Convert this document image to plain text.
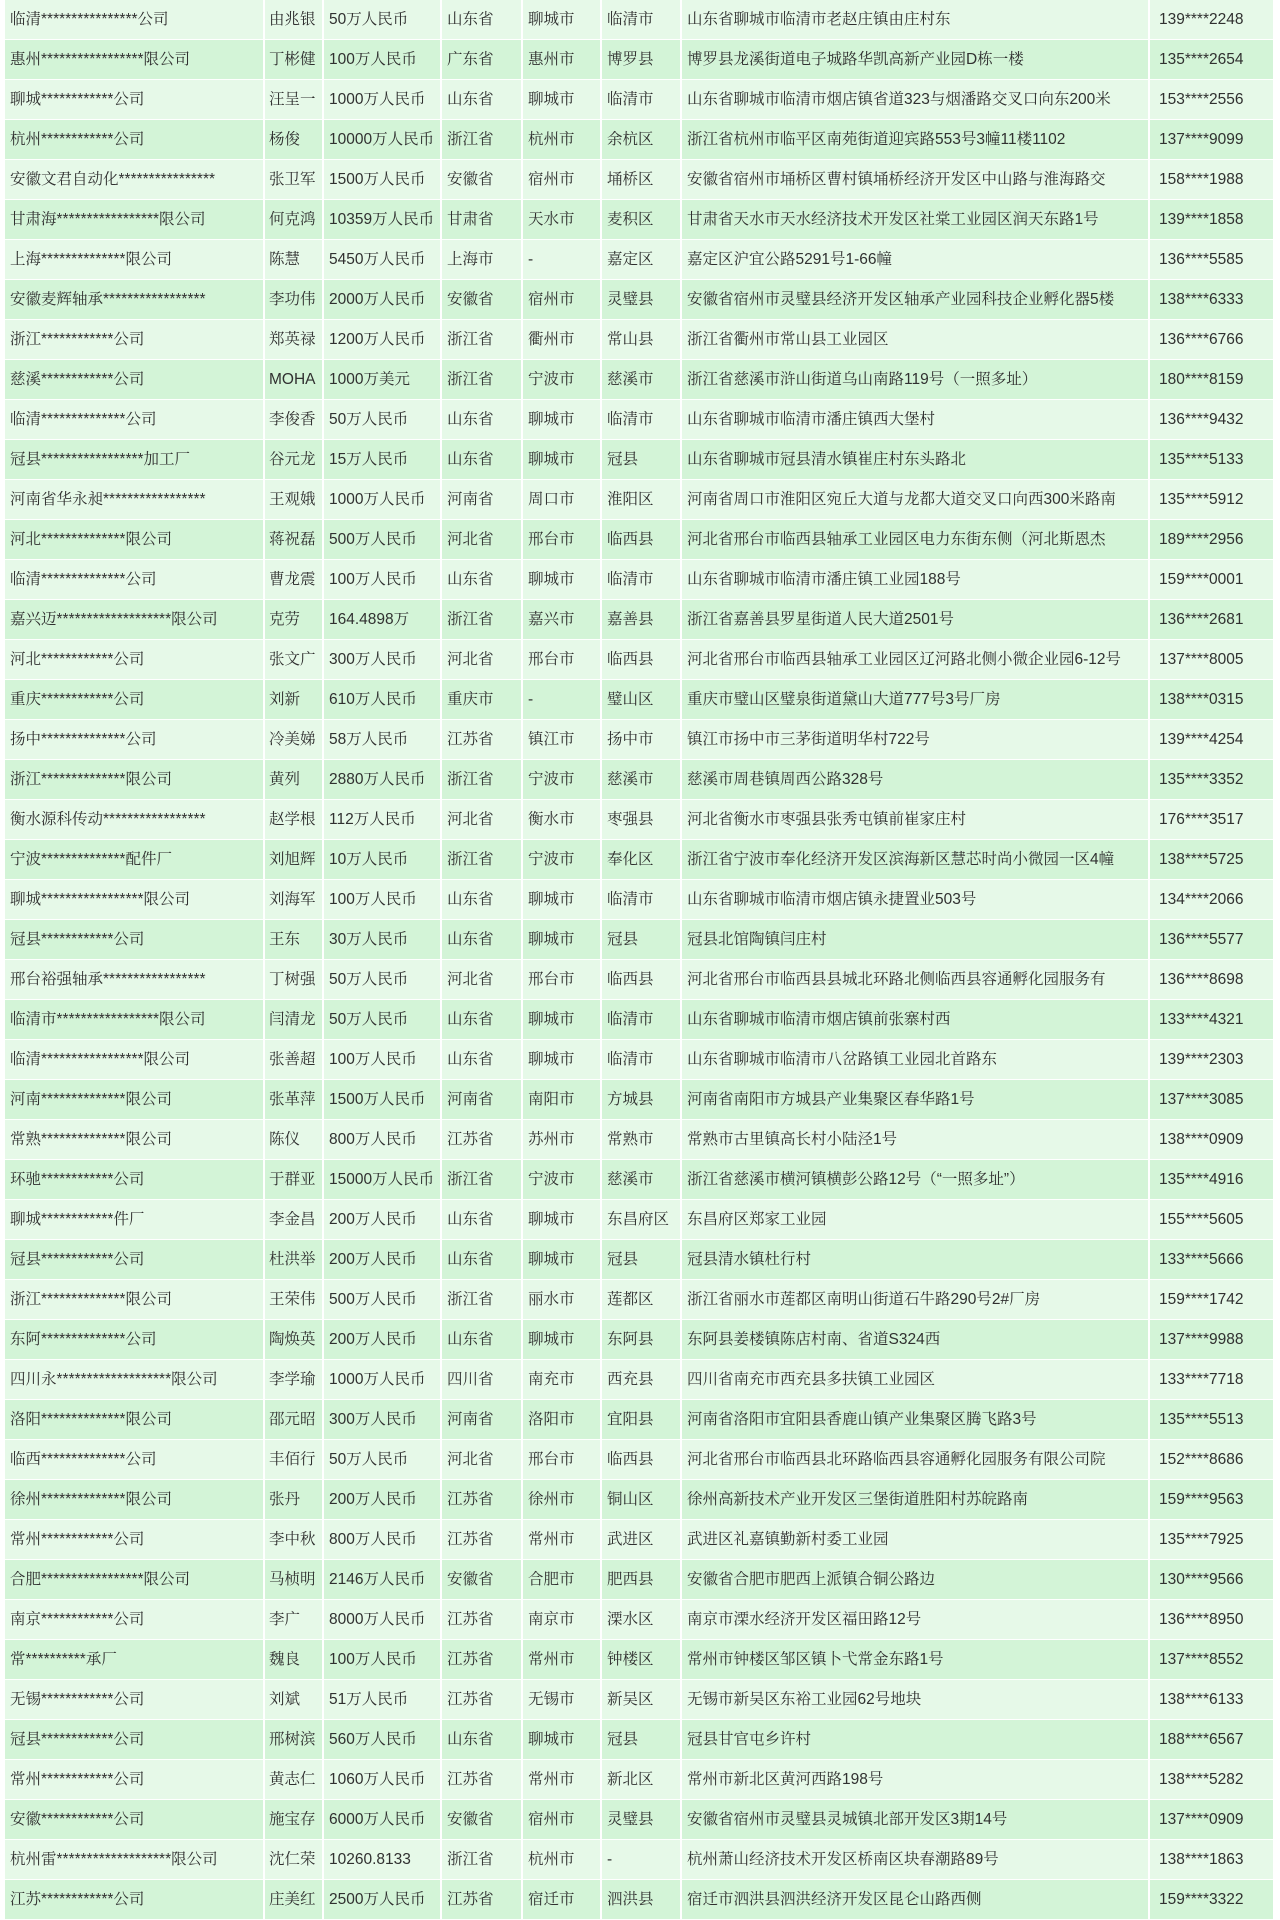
临清****************公司	由兆银 50万人民币	山东省	聊城市	临清市	山东省聊城市临清市老赵庄镇由庄村东	139****2248
惠州*****************限公司	丁彬健 100万人民币	广东省	惠州市	博罗县	博罗县龙溪街道电子城路华凯高新产业园D栋一楼	135****2654
聊城************公司	汪呈一 1000万人民币	山东省	聊城市	临清市	山东省聊城市临清市烟店镇省道323与烟潘路交叉口向东200米	153****2556
杭州************公司	杨俊	10000万人民币 浙江省	杭州市	余杭区	浙江省杭州市临平区南苑街道迎宾路553号3幢11楼1102	137****9099
安徽文君自动化****************	张卫军 1500万人民币	安徽省	宿州市	埇桥区	安徽省宿州市埇桥区曹村镇埇桥经济开发区中山路与淮海路交	158****1988
甘肃海*****************限公司	何克鸿 10359万人民币 甘肃省	天水市	麦积区	甘肃省天水市天水经济技术开发区社棠工业园区润天东路1号	139****1858
上海**************限公司	陈慧	5450万人民币	上海市	-	嘉定区	嘉定区沪宜公路5291号1-66幢	136****5585
安徽麦辉轴承*****************	李功伟 2000万人民币	安徽省	宿州市	灵璧县	安徽省宿州市灵璧县经济开发区轴承产业园科技企业孵化器5楼	138****6333
浙江************公司	郑英禄 1200万人民币	浙江省	衢州市	常山县	浙江省衢州市常山县工业园区	136****6766
慈溪************公司	MOHA 1000万美元	浙江省	宁波市	慈溪市	浙江省慈溪市浒山街道乌山南路119号（一照多址）	180****8159
临清**************公司	李俊香 50万人民币	山东省	聊城市	临清市	山东省聊城市临清市潘庄镇西大堡村	136****9432
冠县*****************加工厂	谷元龙 15万人民币	山东省	聊城市	冠县	山东省聊城市冠县清水镇崔庄村东头路北	135****5133
河南省华永昶*****************	王观娥 1000万人民币	河南省	周口市	淮阳区	河南省周口市淮阳区宛丘大道与龙都大道交叉口向西300米路南	135****5912
河北**************限公司	蒋祝磊 500万人民币	河北省	邢台市	临西县	河北省邢台市临西县轴承工业园区电力东街东侧（河北斯恩杰	189****2956
临清**************公司	曹龙震 100万人民币	山东省	聊城市	临清市	山东省聊城市临清市潘庄镇工业园188号	159****0001
嘉兴迈*******************限公司	克劳	164.4898万	浙江省	嘉兴市	嘉善县	浙江省嘉善县罗星街道人民大道2501号	136****2681
河北************公司	张文广 300万人民币	河北省	邢台市	临西县	河北省邢台市临西县轴承工业园区辽河路北侧小微企业园6-12号	137****8005
重庆************公司	刘新	610万人民币	重庆市	-	璧山区	重庆市璧山区璧泉街道黛山大道777号3号厂房	138****0315
扬中**************公司	冷美娣 58万人民币	江苏省	镇江市	扬中市	镇江市扬中市三茅街道明华村722号	139****4254
浙江**************限公司	黄列	2880万人民币	浙江省	宁波市	慈溪市	慈溪市周巷镇周西公路328号	135****3352
衡水源科传动*****************	赵学根 112万人民币	河北省	衡水市	枣强县	河北省衡水市枣强县张秀屯镇前崔家庄村	176****3517
宁波**************配件厂	刘旭辉 10万人民币	浙江省	宁波市	奉化区	浙江省宁波市奉化经济开发区滨海新区慧芯时尚小微园一区4幢	138****5725
聊城*****************限公司	刘海军 100万人民币	山东省	聊城市	临清市	山东省聊城市临清市烟店镇永捷置业503号	134****2066
冠县************公司	王东	30万人民币	山东省	聊城市	冠县	冠县北馆陶镇闫庄村	136****5577
邢台裕强轴承*****************	丁树强 50万人民币	河北省	邢台市	临西县	河北省邢台市临西县县城北环路北侧临西县容通孵化园服务有	136****8698
临清市*****************限公司	闫清龙 50万人民币	山东省	聊城市	临清市	山东省聊城市临清市烟店镇前张寨村西	133****4321
临清*****************限公司	张善超 100万人民币	山东省	聊城市	临清市	山东省聊城市临清市八岔路镇工业园北首路东	139****2303
河南**************限公司	张革萍 1500万人民币	河南省	南阳市	方城县	河南省南阳市方城县产业集聚区春华路1号	137****3085
常熟**************限公司	陈仪	800万人民币	江苏省	苏州市	常熟市	常熟市古里镇高长村小陆泾1号	138****0909
环驰************公司	于群亚 15000万人民币 浙江省	宁波市	慈溪市	浙江省慈溪市横河镇横彭公路12号（“一照多址”）	135****4916
聊城************件厂	李金昌 200万人民币	山东省	聊城市	东昌府区	东昌府区郑家工业园	155****5605
冠县************公司	杜洪举 200万人民币	山东省	聊城市	冠县	冠县清水镇杜行村	133****5666
浙江**************限公司	王荣伟 500万人民币	浙江省	丽水市	莲都区	浙江省丽水市莲都区南明山街道石牛路290号2#厂房	159****1742
东阿**************公司	陶焕英 200万人民币	山东省	聊城市	东阿县	东阿县姜楼镇陈店村南、省道S324西	137****9988
四川永*******************限公司	李学瑜 1000万人民币	四川省	南充市	西充县	四川省南充市西充县多扶镇工业园区	133****7718
洛阳**************限公司	邵元昭 300万人民币	河南省	洛阳市	宜阳县	河南省洛阳市宜阳县香鹿山镇产业集聚区腾飞路3号	135****5513
临西**************公司	丰佰行 50万人民币	河北省	邢台市	临西县	河北省邢台市临西县北环路临西县容通孵化园服务有限公司院	152****8686
徐州**************限公司	张丹	200万人民币	江苏省	徐州市	铜山区	徐州高新技术产业开发区三堡街道胜阳村苏皖路南	159****9563
常州************公司	李中秋 800万人民币	江苏省	常州市	武进区	武进区礼嘉镇勤新村委工业园	135****7925
合肥*****************限公司	马桢明 2146万人民币	安徽省	合肥市	肥西县	安徽省合肥市肥西上派镇合铜公路边	130****9566
南京************公司	李广	8000万人民币	江苏省	南京市	溧水区	南京市溧水经济开发区福田路12号	136****8950
常**********承厂	魏良	100万人民币	江苏省	常州市	钟楼区	常州市钟楼区邹区镇卜弋常金东路1号	137****8552
无锡************公司	刘斌	51万人民币	江苏省	无锡市	新吴区	无锡市新吴区东裕工业园62号地块	138****6133
冠县************公司	邢树滨 560万人民币	山东省	聊城市	冠县	冠县甘官屯乡许村	188****6567
常州************公司	黄志仁 1060万人民币	江苏省	常州市	新北区	常州市新北区黄河西路198号	138****5282
安徽************公司	施宝存 6000万人民币	安徽省	宿州市	灵璧县	安徽省宿州市灵璧县灵城镇北部开发区3期14号	137****0909
杭州雷*******************限公司	沈仁荣 10260.8133	浙江省	杭州市	-	杭州萧山经济技术开发区桥南区块春潮路89号	138****1863
江苏************公司	庄美红 2500万人民币	江苏省	宿迁市	泗洪县	宿迁市泗洪县泗洪经济开发区昆仑山路西侧	159****3322
